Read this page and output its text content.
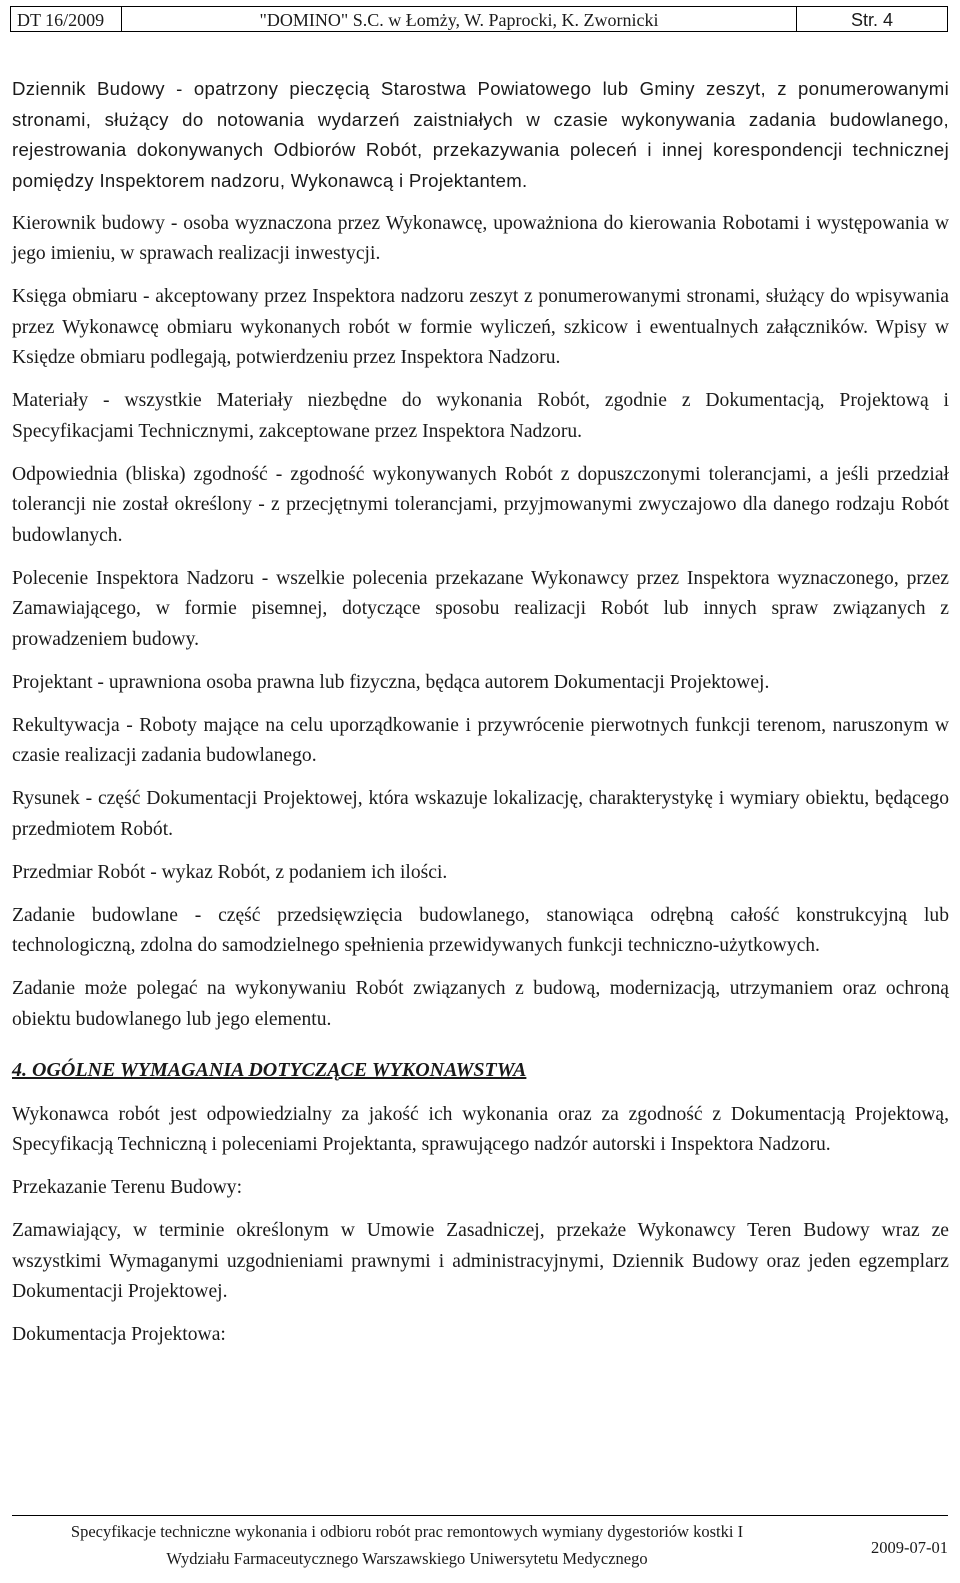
DT 16/2009	"DOMINO" S.C. w Łomży, W. Paprocki, K. Zwornicki	Str. 4

Dziennik Budowy - opatrzony pieczęcią Starostwa Powiatowego lub Gminy zeszyt, z ponumerowanymi stronami, służący do notowania wydarzeń zaistniałych w czasie wykonywania zadania budowlanego, rejestrowania dokonywanych Odbiorów Robót, przekazywania poleceń i innej korespondencji technicznej pomiędzy Inspektorem nadzoru, Wykonawcą i Projektantem.

Kierownik budowy - osoba wyznaczona przez Wykonawcę, upoważniona do kierowania Robotami i występowania w jego imieniu, w sprawach realizacji inwestycji.

Księga obmiaru - akceptowany przez Inspektora nadzoru zeszyt z ponumerowanymi stronami, służący do wpisywania przez Wykonawcę obmiaru wykonanych robót w formie wyliczeń, szkicow i ewentualnych załączników. Wpisy w Księdze obmiaru podlegają, potwierdzeniu przez Inspektora Nadzoru.

Materiały - wszystkie Materiały niezbędne do wykonania Robót, zgodnie z Dokumentacją, Projektową i Specyfikacjami Technicznymi, zakceptowane przez Inspektora Nadzoru.

Odpowiednia (bliska) zgodność - zgodność wykonywanych Robót z dopuszczonymi tolerancjami, a jeśli przedział tolerancji nie został określony - z przecjętnymi tolerancjami, przyjmowanymi zwyczajowo dla danego rodzaju Robót budowlanych.

Polecenie Inspektora Nadzoru - wszelkie polecenia przekazane Wykonawcy przez Inspektora wyznaczonego, przez Zamawiającego, w formie pisemnej, dotyczące sposobu realizacji Robót lub innych spraw związanych z prowadzeniem budowy.

Projektant - uprawniona osoba prawna lub fizyczna, będąca autorem Dokumentacji Projektowej.

Rekultywacja - Roboty mające na celu uporządkowanie i przywrócenie pierwotnych funkcji terenom, naruszonym w czasie realizacji zadania budowlanego.

Rysunek - część Dokumentacji Projektowej, która wskazuje lokalizację, charakterystykę i wymiary obiektu, będącego przedmiotem Robót.

Przedmiar Robót - wykaz Robót, z podaniem ich ilości.

Zadanie budowlane - część przedsięwzięcia budowlanego, stanowiąca odrębną całość konstrukcyjną lub technologiczną, zdolna do samodzielnego spełnienia przewidywanych funkcji techniczno-użytkowych.

Zadanie może polegać na wykonywaniu Robót związanych z budową, modernizacją, utrzymaniem oraz ochroną obiektu budowlanego lub jego elementu.

4. OGÓLNE WYMAGANIA DOTYCZĄCE WYKONAWSTWA

Wykonawca robót jest odpowiedzialny za jakość ich wykonania oraz za zgodność z Dokumentacją Projektową, Specyfikacją Techniczną i poleceniami Projektanta, sprawującego nadzór autorski i Inspektora Nadzoru.

Przekazanie Terenu Budowy:

Zamawiający, w terminie określonym w Umowie Zasadniczej, przekaże Wykonawcy Teren Budowy wraz ze wszystkimi Wymaganymi uzgodnieniami prawnymi i administracyjnymi, Dziennik Budowy oraz jeden egzemplarz Dokumentacji Projektowej.

Dokumentacja Projektowa:

Specyfikacje techniczne wykonania i odbioru robót prac remontowych wymiany dygestoriów kostki I
Wydziału Farmaceutycznego Warszawskiego Uniwersytetu Medycznego
2009-07-01
